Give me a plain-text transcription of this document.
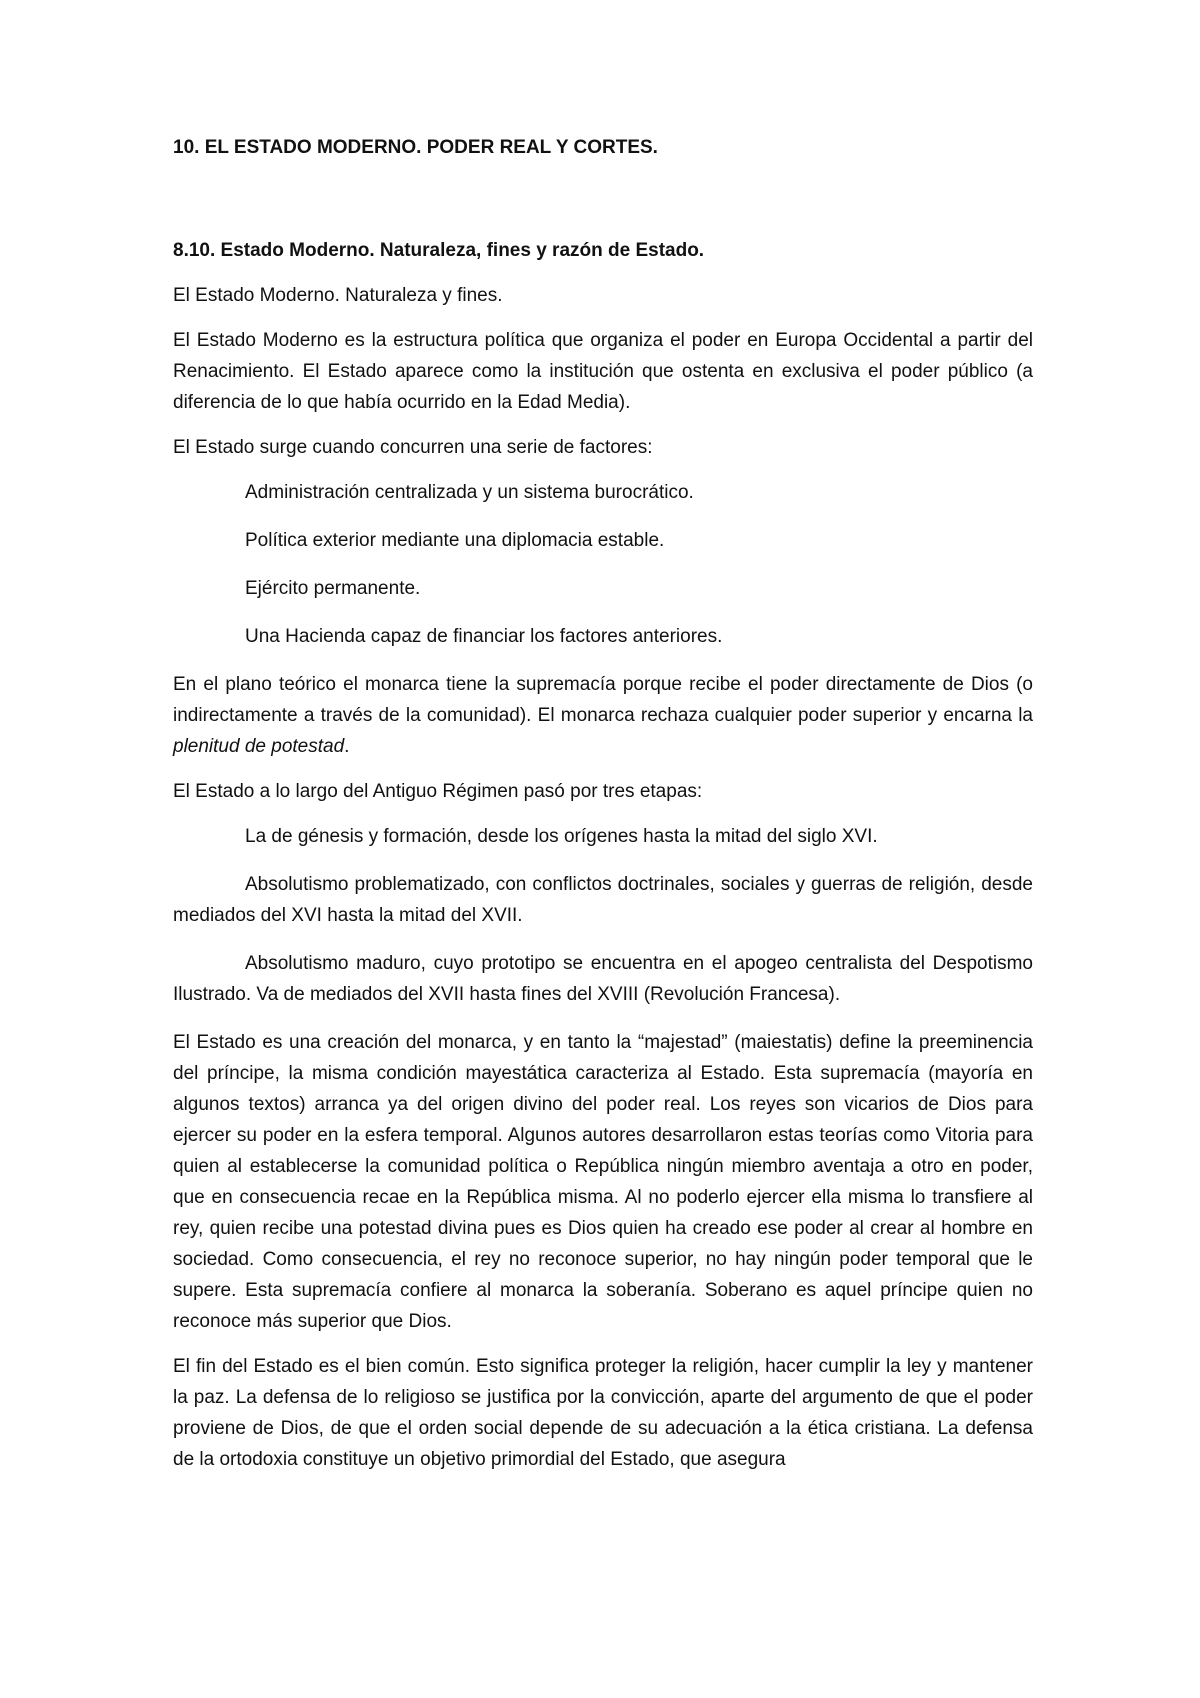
10. EL ESTADO MODERNO. PODER REAL Y CORTES.
8.10. Estado Moderno. Naturaleza, fines y razón de Estado.

El Estado Moderno. Naturaleza y fines.

El Estado Moderno es la estructura política que organiza el poder en Europa Occidental a partir del Renacimiento. El Estado aparece como la institución que ostenta en exclusiva el poder público (a diferencia de lo que había ocurrido en la Edad Media).

El Estado surge cuando concurren una serie de factores:

Administración centralizada y un sistema burocrático.
Política exterior mediante una diplomacia estable.
Ejército permanente.
Una Hacienda capaz de financiar los factores anteriores.

En el plano teórico el monarca tiene la supremacía porque recibe el poder directamente de Dios (o indirectamente a través de la comunidad). El monarca rechaza cualquier poder superior y encarna la plenitud de potestad.

El Estado a lo largo del Antiguo Régimen pasó por tres etapas:

La de génesis y formación, desde los orígenes hasta la mitad del siglo XVI.
Absolutismo problematizado, con conflictos doctrinales, sociales y guerras de religión, desde mediados del XVI hasta la mitad del XVII.
Absolutismo maduro, cuyo prototipo se encuentra en el apogeo centralista del Despotismo Ilustrado. Va de mediados del XVII hasta fines del XVIII (Revolución Francesa).

El Estado es una creación del monarca, y en tanto la “majestad” (maiestatis) define la preeminencia del príncipe, la misma condición mayestática caracteriza al Estado. Esta supremacía (mayoría en algunos textos) arranca ya del origen divino del poder real. Los reyes son vicarios de Dios para ejercer su poder en la esfera temporal. Algunos autores desarrollaron estas teorías como Vitoria para quien al establecerse la comunidad política o República ningún miembro aventaja a otro en poder, que en consecuencia recae en la República misma. Al no poderlo ejercer ella misma lo transfiere al rey, quien recibe una potestad divina pues es Dios quien ha creado ese poder al crear al hombre en sociedad. Como consecuencia, el rey no reconoce superior, no hay ningún poder temporal que le supere. Esta supremacía confiere al monarca la soberanía. Soberano es aquel príncipe quien no reconoce más superior que Dios.

El fin del Estado es el bien común. Esto significa proteger la religión, hacer cumplir la ley y mantener la paz. La defensa de lo religioso se justifica por la convicción, aparte del argumento de que el poder proviene de Dios, de que el orden social depende de su adecuación a la ética cristiana. La defensa de la ortodoxia constituye un objetivo primordial del Estado, que asegura
